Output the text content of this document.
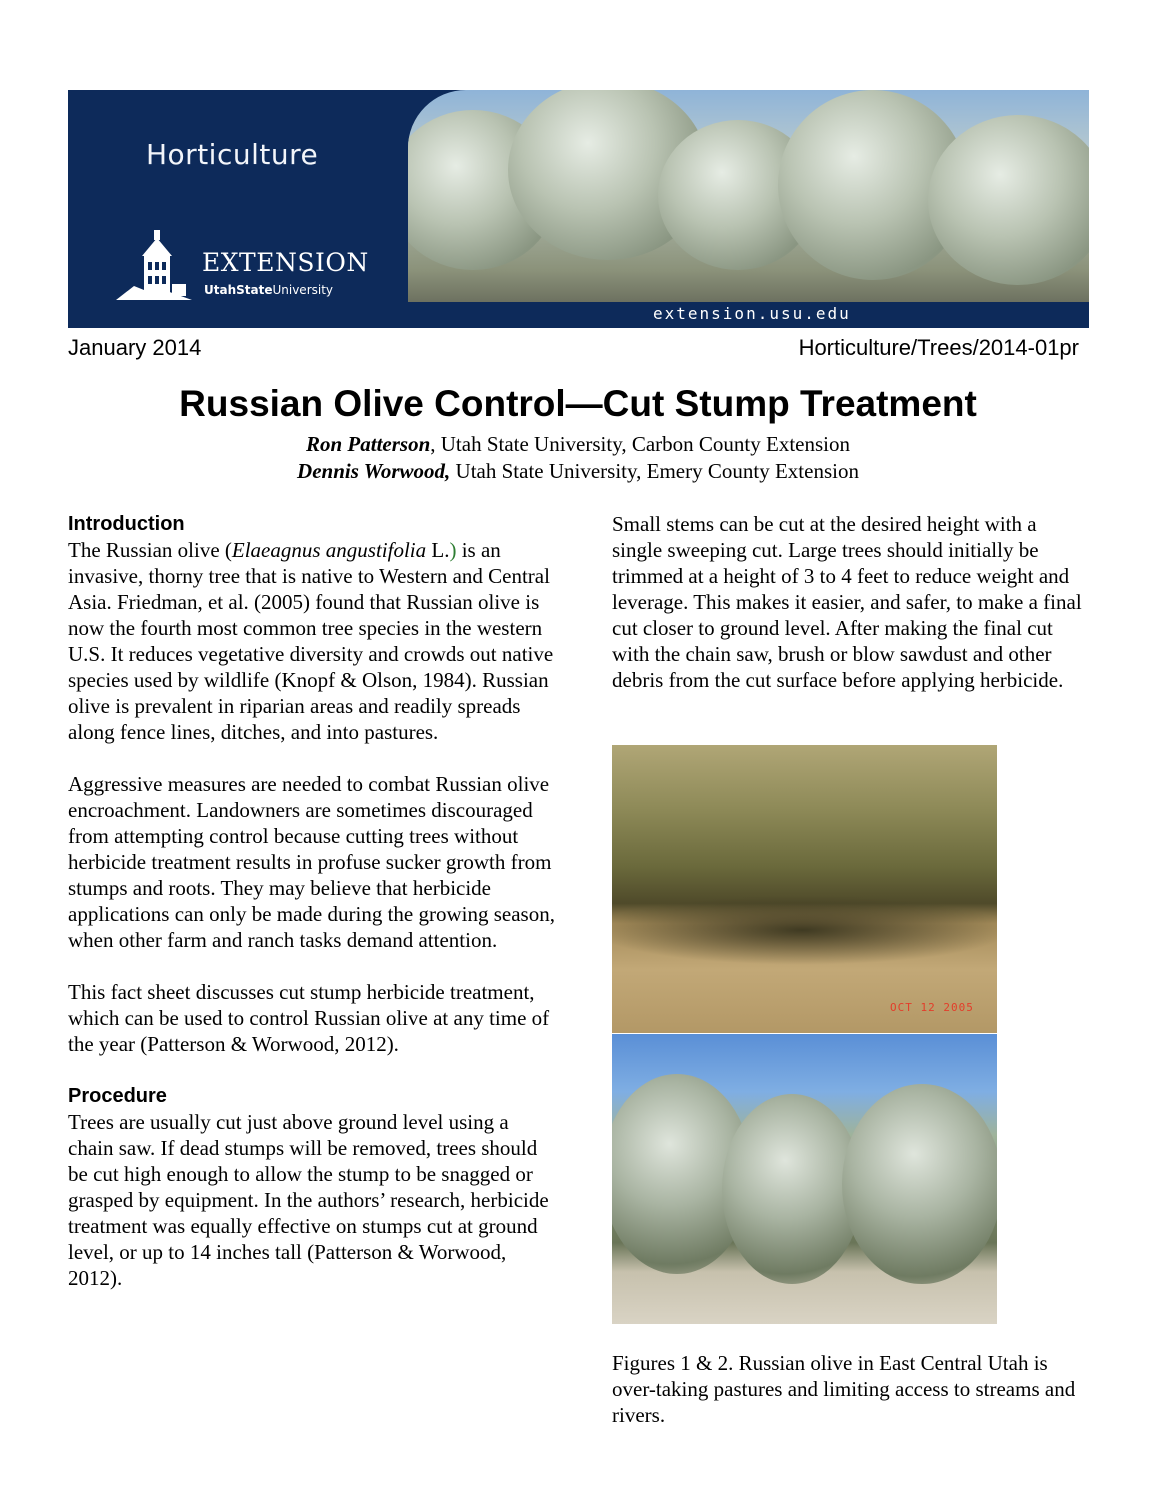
Horticulture
EXTENSION
UtahStateUniversity
extension.usu.edu
January 2014	Horticulture/Trees/2014-01pr
Russian Olive Control—Cut Stump Treatment
Ron Patterson, Utah State University, Carbon County Extension
Dennis Worwood, Utah State University, Emery County Extension
Introduction

The Russian olive (Elaeagnus angustifolia L.) is an invasive, thorny tree that is native to Western and Central Asia. Friedman, et al. (2005) found that Russian olive is now the fourth most common tree species in the western U.S. It reduces vegetative diversity and crowds out native species used by wildlife (Knopf & Olson, 1984). Russian olive is prevalent in riparian areas and readily spreads along fence lines, ditches, and into pastures.

Aggressive measures are needed to combat Russian olive encroachment. Landowners are sometimes discouraged from attempting control because cutting trees without herbicide treatment results in profuse sucker growth from stumps and roots. They may believe that herbicide applications can only be made during the growing season, when other farm and ranch tasks demand attention.

This fact sheet discusses cut stump herbicide treatment, which can be used to control Russian olive at any time of the year (Patterson & Worwood, 2012).

Procedure

Trees are usually cut just above ground level using a chain saw. If dead stumps will be removed, trees should be cut high enough to allow the stump to be snagged or grasped by equipment. In the authors’ research, herbicide treatment was equally effective on stumps cut at ground level, or up to 14 inches tall (Patterson & Worwood, 2012).

Small stems can be cut at the desired height with a single sweeping cut. Large trees should initially be trimmed at a height of 3 to 4 feet to reduce weight and leverage. This makes it easier, and safer, to make a final cut closer to ground level. After making the final cut with the chain saw, brush or blow sawdust and other debris from the cut surface before applying herbicide.

OCT 12 2005
Figures 1 & 2. Russian olive in East Central Utah is over-taking pastures and limiting access to streams and rivers.
